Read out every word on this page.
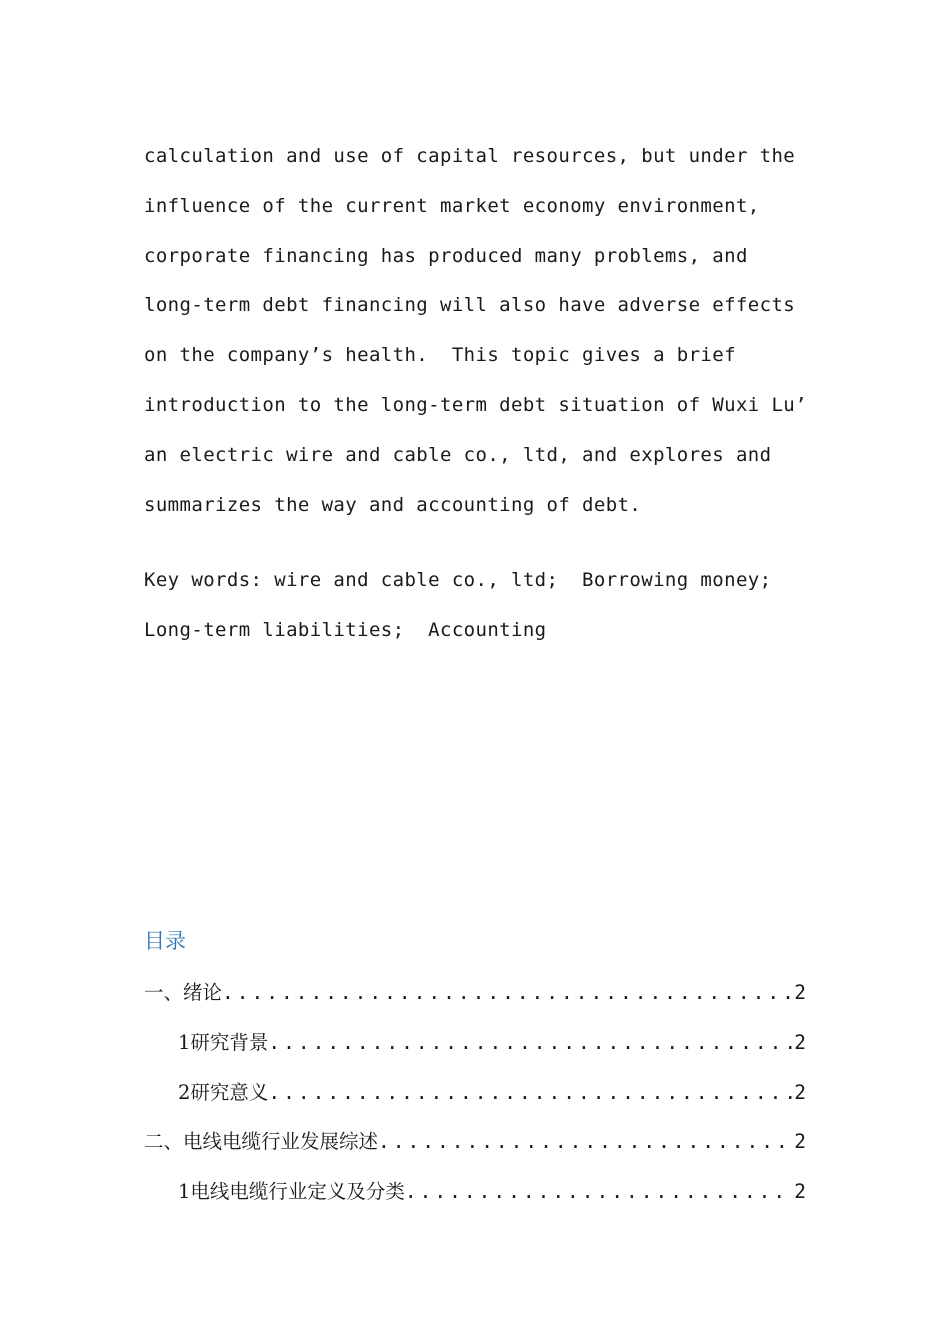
calculation and use of capital resources, but under the influence of the current market economy environment, corporate financing has produced many problems, and long-term debt financing will also have adverse effects on the company’s health.  This topic gives a brief introduction to the long-term debt situation of Wuxi Lu’ an electric wire and cable co., ltd, and explores and summarizes the way and accounting of debt.

Key words: wire and cable co., ltd;  Borrowing money; Long-term liabilities;  Accounting

目录
一、绪论 .....	2
1研究背景 .....	2
2研究意义 .....	2
二、电线电缆行业发展综述 .....	2
1电线电缆行业定义及分类 .....	2
